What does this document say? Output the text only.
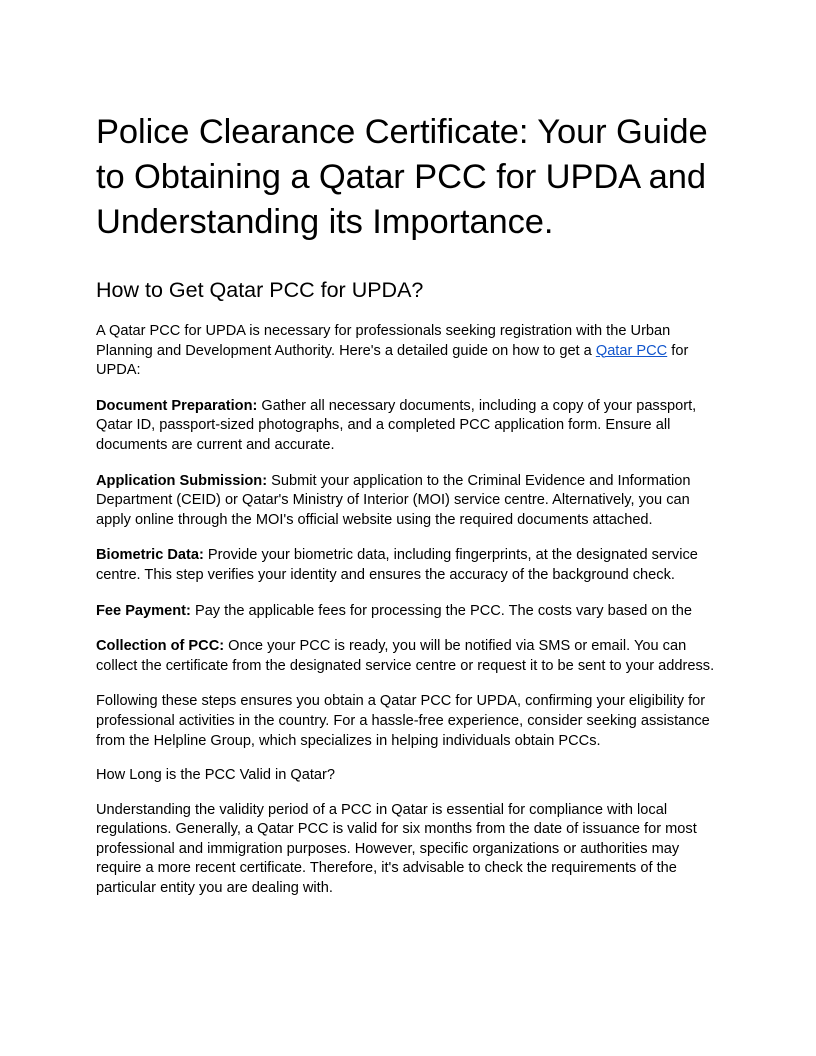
Police Clearance Certificate: Your Guide to Obtaining a Qatar PCC for UPDA and Understanding its Importance.
How to Get Qatar PCC for UPDA?

A Qatar PCC for UPDA is necessary for professionals seeking registration with the Urban Planning and Development Authority. Here's a detailed guide on how to get a Qatar PCC for UPDA:

Document Preparation: Gather all necessary documents, including a copy of your passport, Qatar ID, passport-sized photographs, and a completed PCC application form. Ensure all documents are current and accurate.

Application Submission: Submit your application to the Criminal Evidence and Information Department (CEID) or Qatar's Ministry of Interior (MOI) service centre. Alternatively, you can apply online through the MOI's official website using the required documents attached.

Biometric Data: Provide your biometric data, including fingerprints, at the designated service centre. This step verifies your identity and ensures the accuracy of the background check.

Fee Payment: Pay the applicable fees for processing the PCC. The costs vary based on the

Collection of PCC: Once your PCC is ready, you will be notified via SMS or email. You can collect the certificate from the designated service centre or request it to be sent to your address.

Following these steps ensures you obtain a Qatar PCC for UPDA, confirming your eligibility for professional activities in the country. For a hassle-free experience, consider seeking assistance from the Helpline Group, which specializes in helping individuals obtain PCCs.

How Long is the PCC Valid in Qatar?

Understanding the validity period of a PCC in Qatar is essential for compliance with local regulations. Generally, a Qatar PCC is valid for six months from the date of issuance for most professional and immigration purposes. However, specific organizations or authorities may require a more recent certificate. Therefore, it's advisable to check the requirements of the particular entity you are dealing with.
